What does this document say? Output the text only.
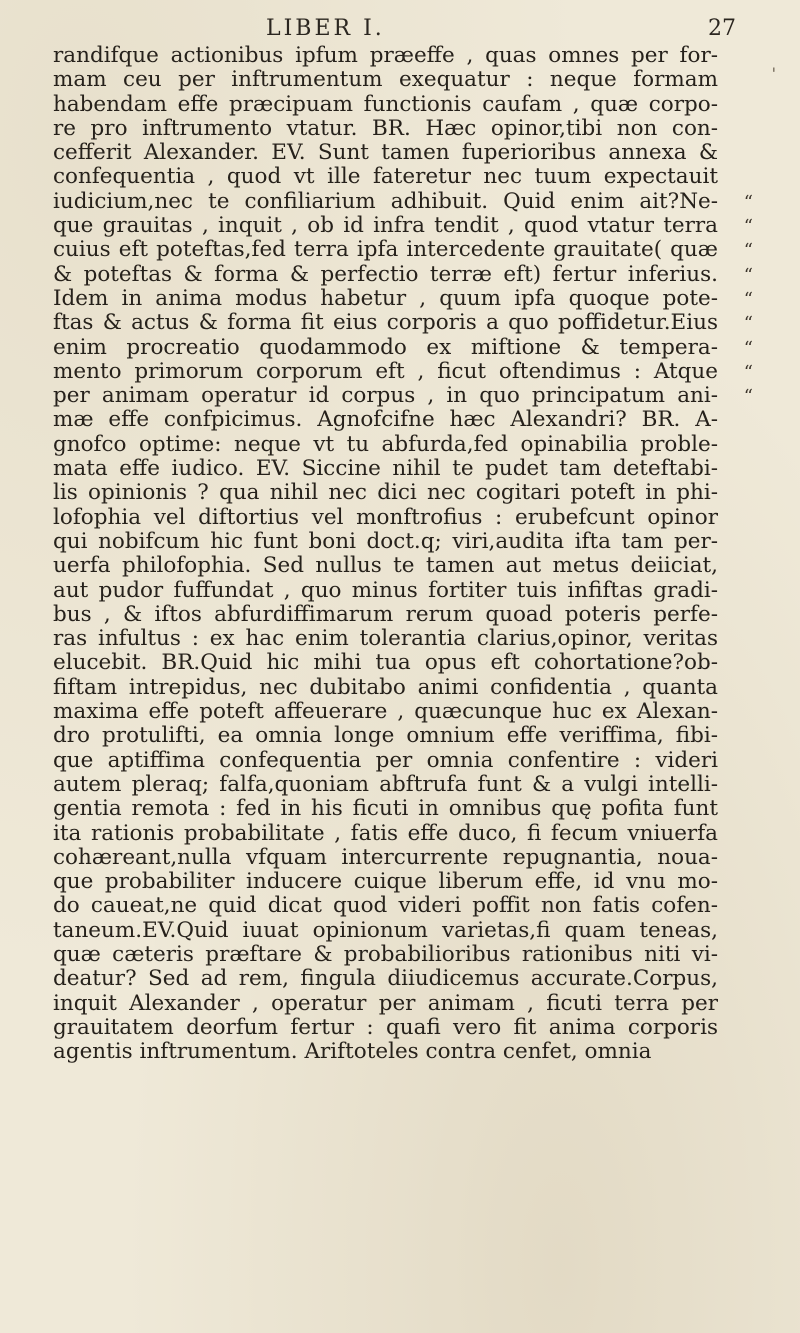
LIBER I.	27
'
randifque actionibus ipfum præeffe , quas omnes per for-
mam ceu per inftrumentum exequatur : neque formam
habendam effe præcipuam functionis caufam , quæ corpo-
re pro inftrumento vtatur. BR. Hæc opinor,tibi non con-
cefferit Alexander. EV. Sunt tamen fuperioribus annexa &
confequentia , quod vt ille fateretur nec tuum expectauit
iudicium,nec te confiliarium adhibuit. Quid enim ait?Ne-	“
que grauitas , inquit , ob id infra tendit , quod vtatur terra	“
cuius eft poteftas,fed terra ipfa intercedente grauitate( quæ	“
& poteftas & forma & perfectio terræ eft) fertur inferius.	“
Idem in anima modus habetur , quum ipfa quoque pote-	“
ftas & actus & forma fit eius corporis a quo poffidetur.Eius	“
enim procreatio quodammodo ex miftione & tempera-	“
mento primorum corporum eft , ficut oftendimus : Atque	“
per animam operatur id corpus , in quo principatum ani-	“
mæ effe confpicimus. Agnofcifne hæc Alexandri? BR. A-
gnofco optime: neque vt tu abfurda,fed opinabilia proble-
mata effe iudico. EV. Siccine nihil te pudet tam deteftabi-
lis opinionis ? qua nihil nec dici nec cogitari poteft in phi-
lofophia vel diftortius vel monftrofius : erubefcunt opinor
qui nobifcum hic funt boni doct.q; viri,audita ifta tam per-
uerfa philofophia. Sed nullus te tamen aut metus deiiciat,
aut pudor fuffundat , quo minus fortiter tuis infiftas gradi-
bus , & iftos abfurdiffimarum rerum quoad poteris perfe-
ras infultus : ex hac enim tolerantia clarius,opinor, veritas
elucebit. BR.Quid hic mihi tua opus eft cohortatione?ob-
fiftam intrepidus, nec dubitabo animi confidentia , quanta
maxima effe poteft affeuerare , quæcunque huc ex Alexan-
dro protulifti, ea omnia longe omnium effe veriffima, fibi-
que aptiffima confequentia per omnia confentire : videri
autem pleraq; falfa,quoniam abftrufa funt & a vulgi intelli-
gentia remota : fed in his ficuti in omnibus quę pofita funt
ita rationis probabilitate , fatis effe duco, fi fecum vniuerfa
cohæreant,nulla vfquam intercurrente repugnantia, noua-
que probabiliter inducere cuique liberum effe, id vnu mo-
do caueat,ne quid dicat quod videri poffit non fatis cofen-
taneum.EV.Quid iuuat opinionum varietas,fi quam teneas,
quæ cæteris præftare & probabilioribus rationibus niti vi-
deatur? Sed ad rem, fingula diiudicemus accurate.Corpus,
inquit Alexander , operatur per animam , ficuti terra per
grauitatem deorfum fertur : quafi vero fit anima corporis
agentis inftrumentum. Ariftoteles contra cenfet, omnia
